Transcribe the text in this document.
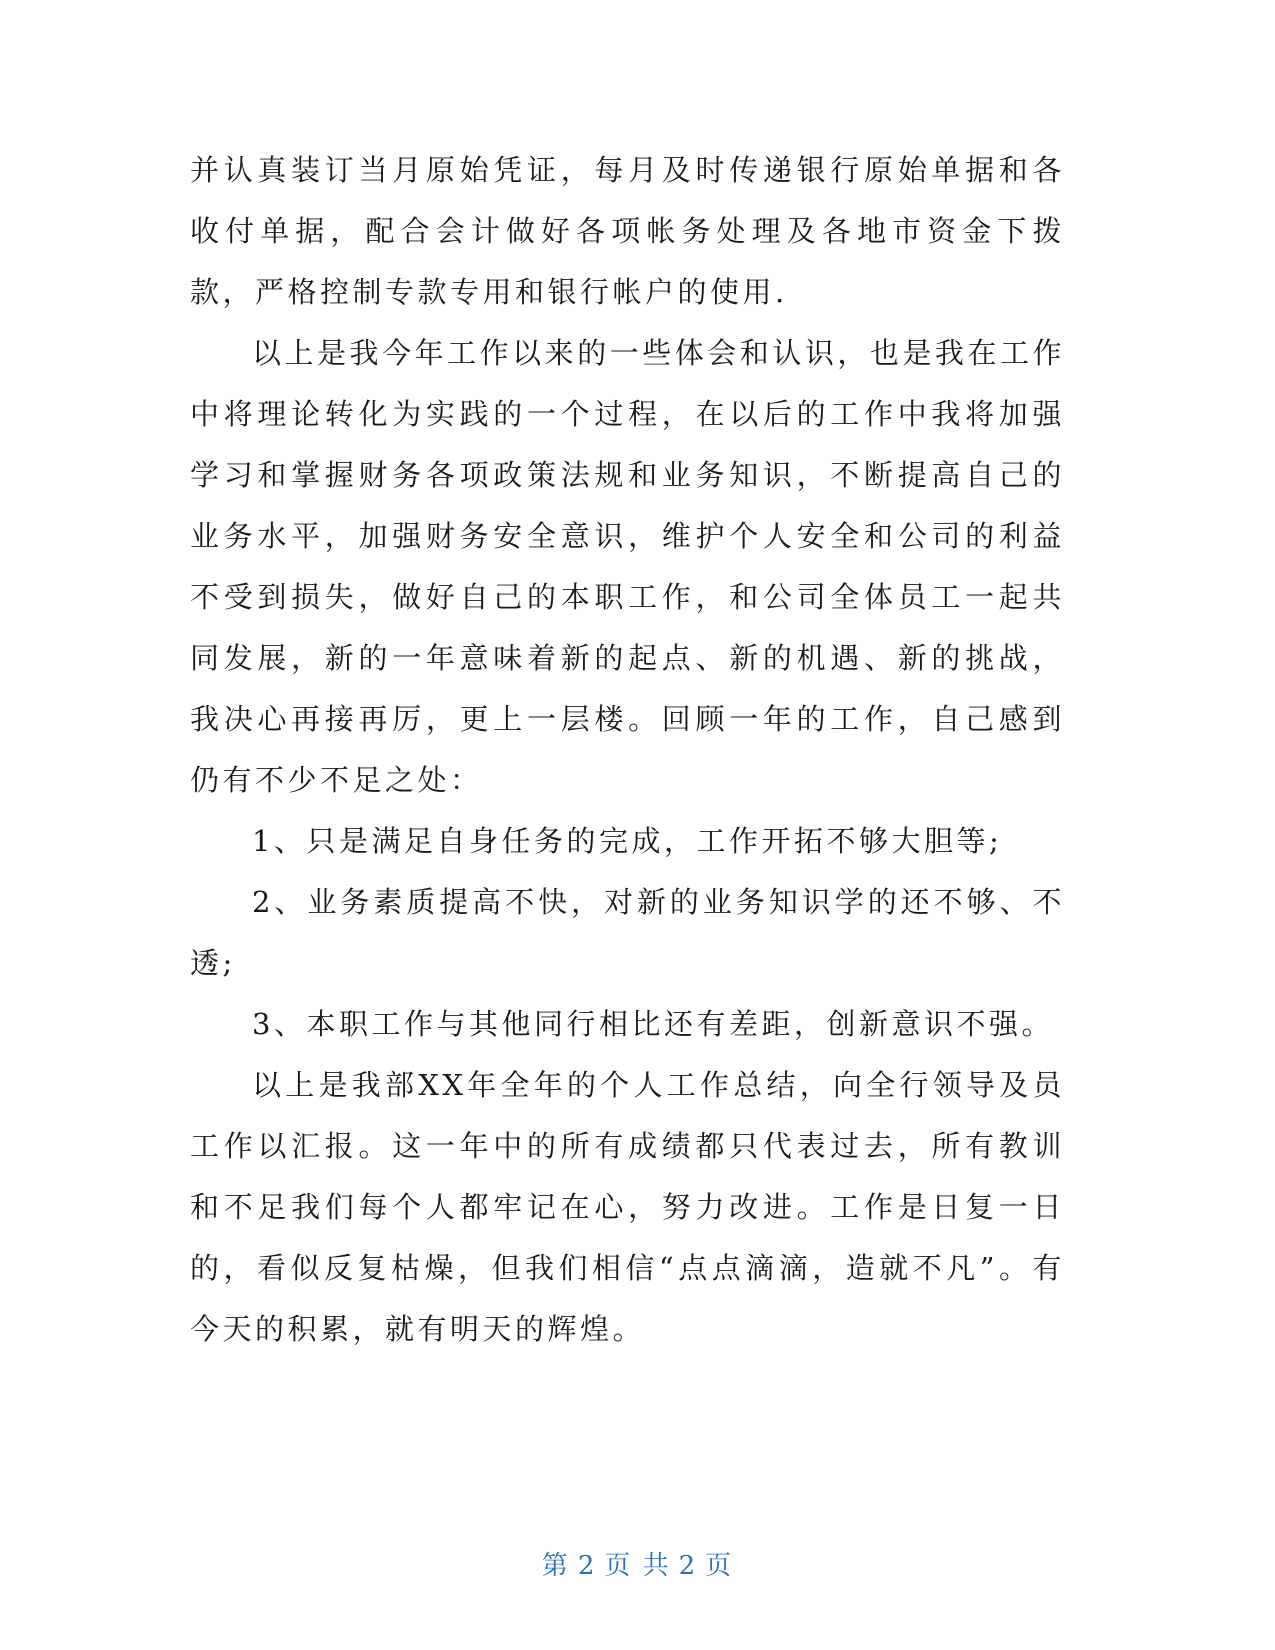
并认真装订当月原始凭证，每月及时传递银行原始单据和各收付单据，配合会计做好各项帐务处理及各地市资金下拨款，严格控制专款专用和银行帐户的使用.

以上是我今年工作以来的一些体会和认识，也是我在工作中将理论转化为实践的一个过程，在以后的工作中我将加强学习和掌握财务各项政策法规和业务知识，不断提高自己的业务水平，加强财务安全意识，维护个人安全和公司的利益不受到损失，做好自己的本职工作，和公司全体员工一起共同发展，新的一年意味着新的起点、新的机遇、新的挑战，我决心再接再厉，更上一层楼。回顾一年的工作，自己感到仍有不少不足之处：

1、只是满足自身任务的完成，工作开拓不够大胆等;

2、业务素质提高不快，对新的业务知识学的还不够、不透;

3、本职工作与其他同行相比还有差距，创新意识不强。

以上是我部XX年全年的个人工作总结，向全行领导及员工作以汇报。这一年中的所有成绩都只代表过去，所有教训和不足我们每个人都牢记在心，努力改进。工作是日复一日的，看似反复枯燥，但我们相信“点点滴滴，造就不凡”。有今天的积累，就有明天的辉煌。

第 2 页 共 2 页
